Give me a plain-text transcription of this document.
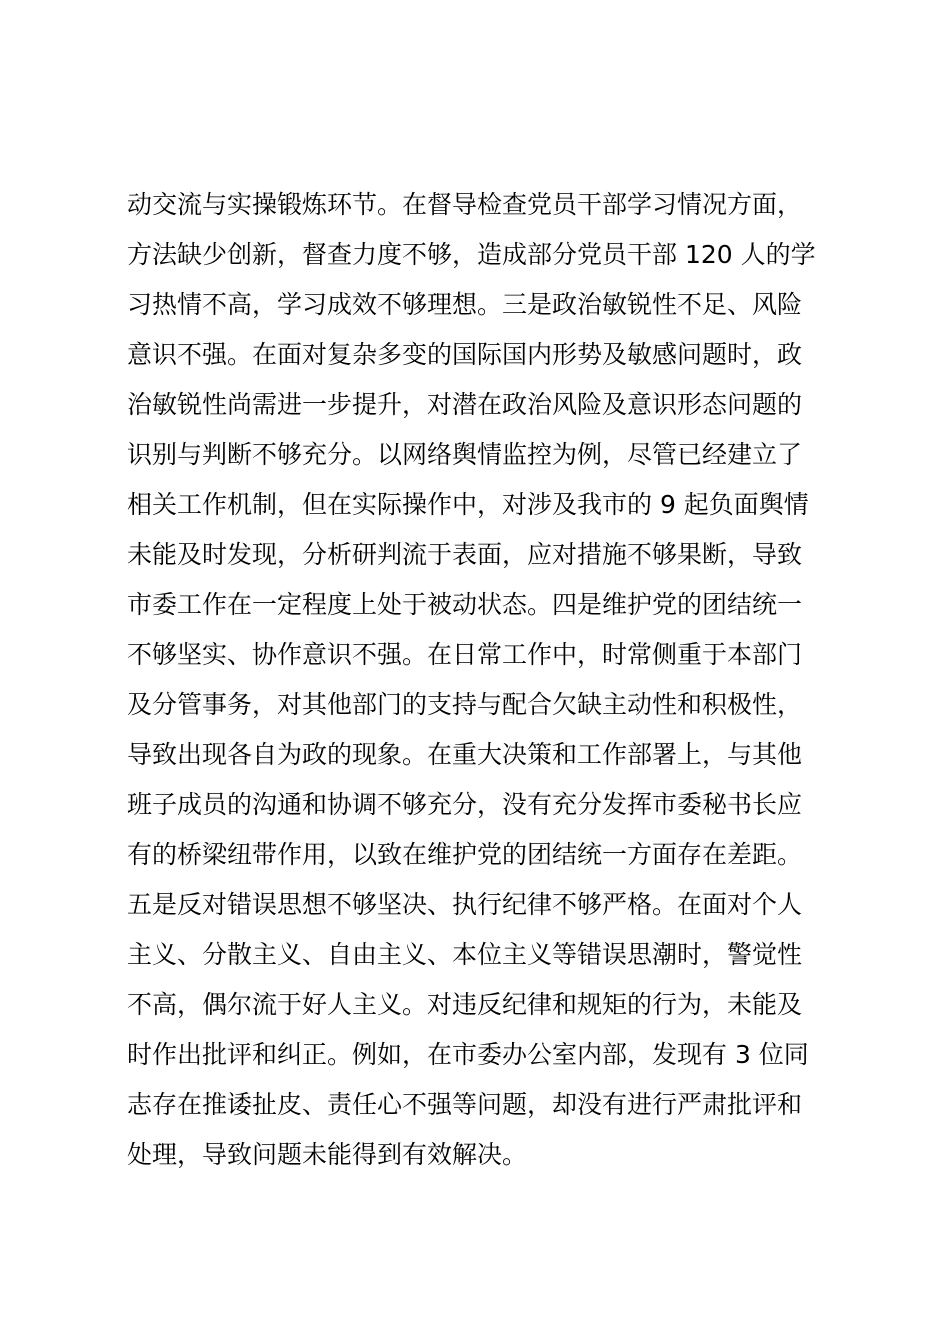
动交流与实操锻炼环节。在督导检查党员干部学习情况方面，
方法缺少创新，督查力度不够，造成部分党员干部 120 人的学
习热情不高，学习成效不够理想。三是政治敏锐性不足、风险
意识不强。在面对复杂多变的国际国内形势及敏感问题时，政
治敏锐性尚需进一步提升，对潜在政治风险及意识形态问题的
识别与判断不够充分。以网络舆情监控为例，尽管已经建立了
相关工作机制，但在实际操作中，对涉及我市的 9 起负面舆情
未能及时发现，分析研判流于表面，应对措施不够果断，导致
市委工作在一定程度上处于被动状态。四是维护党的团结统一
不够坚实、协作意识不强。在日常工作中，时常侧重于本部门
及分管事务，对其他部门的支持与配合欠缺主动性和积极性，
导致出现各自为政的现象。在重大决策和工作部署上，与其他
班子成员的沟通和协调不够充分，没有充分发挥市委秘书长应
有的桥梁纽带作用，以致在维护党的团结统一方面存在差距。
五是反对错误思想不够坚决、执行纪律不够严格。在面对个人
主义、分散主义、自由主义、本位主义等错误思潮时，警觉性
不高，偶尔流于好人主义。对违反纪律和规矩的行为，未能及
时作出批评和纠正。例如，在市委办公室内部，发现有 3 位同
志存在推诿扯皮、责任心不强等问题，却没有进行严肃批评和
处理，导致问题未能得到有效解决。
